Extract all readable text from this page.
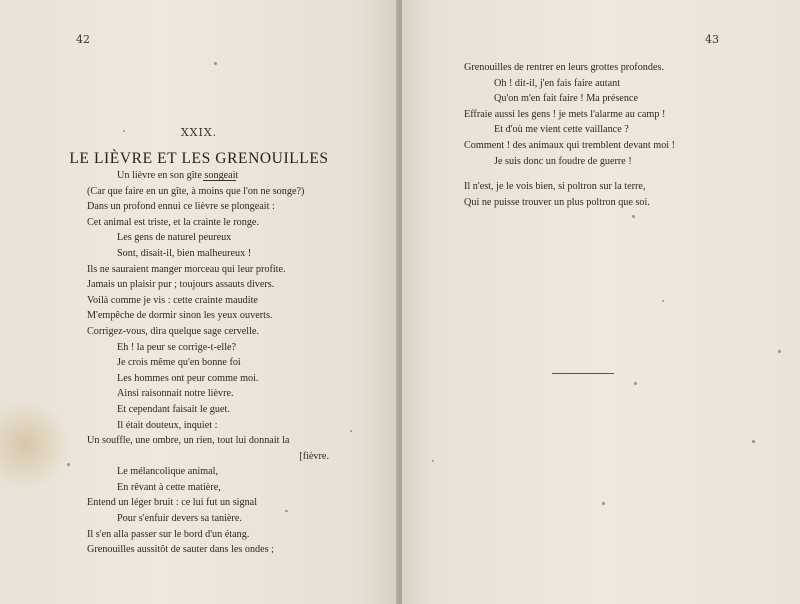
42
XXIX.
LE LIÈVRE ET LES GRENOUILLES
Un lièvre en son gîte songeait
(Car que faire en un gîte, à moins que l'on ne songe?)
Dans un profond ennui ce lièvre se plongeait :
Cet animal est triste, et la crainte le ronge.
Les gens de naturel peureux
Sont, disait-il, bien malheureux !
Ils ne sauraient manger morceau qui leur profite.
Jamais un plaisir pur ; toujours assauts divers.
Voilà comme je vis : cette crainte maudite
M'empêche de dormir sinon les yeux ouverts.
Corrigez-vous, dira quelque sage cervelle.
Eh ! la peur se corrige-t-elle?
Je crois même qu'en bonne foi
Les hommes ont peur comme moi.
Ainsi raisonnait notre lièvre.
Et cependant faisait le guet.
Il était douteux, inquiet :
Un souffle, une ombre, un rien, tout lui donnait la
[fièvre.
Le mélancolique animal,
En rêvant à cette matière,
Entend un léger bruit : ce lui fut un signal
Pour s'enfuir devers sa tanière.
Il s'en alla passer sur le bord d'un étang.
Grenouilles aussitôt de sauter dans les ondes ;
43
Grenouilles de rentrer en leurs grottes profondes.
Oh ! dit-il, j'en fais faire autant
Qu'on m'en fait faire ! Ma présence
Effraie aussi les gens ! je mets l'alarme au camp !
Et d'où me vient cette vaillance ?
Comment ! des animaux qui tremblent devant moi !
Je suis donc un foudre de guerre !
Il n'est, je le vois bien, si poltron sur la terre,
Qui ne puisse trouver un plus poltron que soi.
